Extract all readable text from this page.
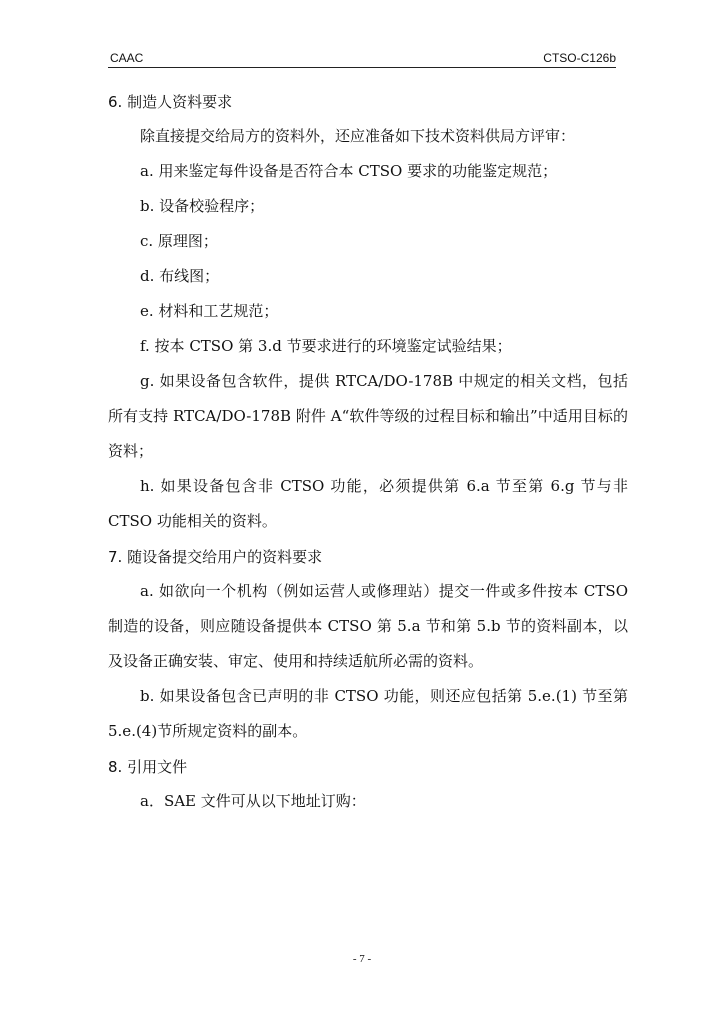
CAAC	CTSO-C126b
6. 制造人资料要求

除直接提交给局方的资料外，还应准备如下技术资料供局方评审：

a. 用来鉴定每件设备是否符合本 CTSO 要求的功能鉴定规范；

b. 设备校验程序；

c. 原理图；

d. 布线图；

e. 材料和工艺规范；

f. 按本 CTSO 第 3.d 节要求进行的环境鉴定试验结果；

g. 如果设备包含软件，提供 RTCA/DO-178B 中规定的相关文档，包括所有支持 RTCA/DO-178B 附件 A“软件等级的过程目标和输出”中适用目标的资料；

h. 如果设备包含非 CTSO 功能，必须提供第 6.a 节至第 6.g 节与非 CTSO 功能相关的资料。

7. 随设备提交给用户的资料要求

a. 如欲向一个机构（例如运营人或修理站）提交一件或多件按本 CTSO 制造的设备，则应随设备提供本 CTSO 第 5.a 节和第 5.b 节的资料副本，以及设备正确安装、审定、使用和持续适航所必需的资料。

b. 如果设备包含已声明的非 CTSO 功能，则还应包括第 5.e.(1) 节至第 5.e.(4)节所规定资料的副本。

8. 引用文件

a．SAE 文件可从以下地址订购：

- 7 -
